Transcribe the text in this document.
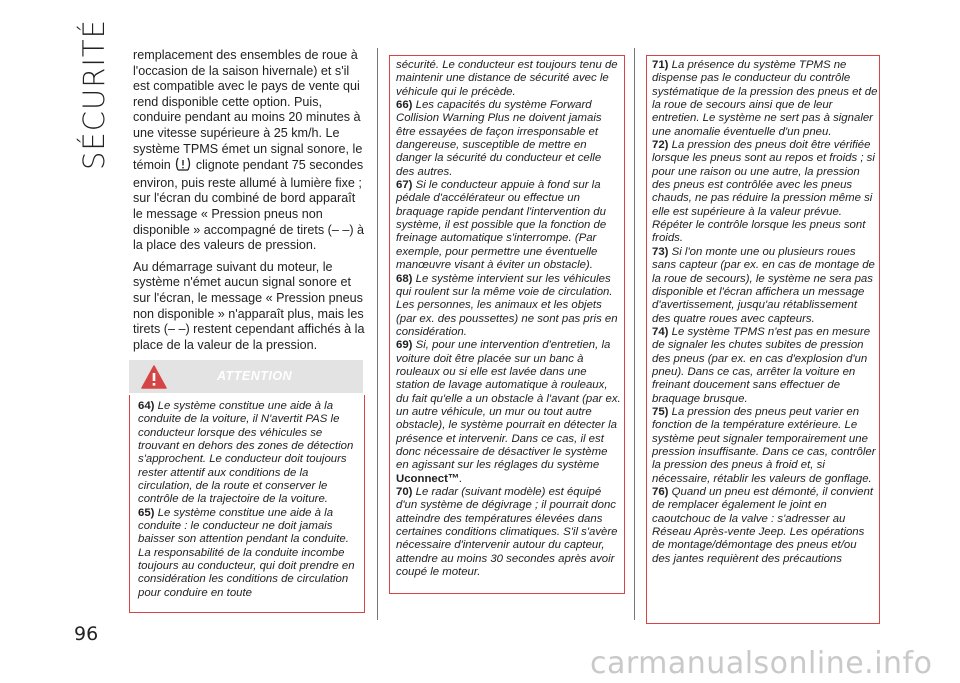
SÉCURITÉ
96

remplacement des ensembles de roue à l'occasion de la saison hivernale) et s'il est compatible avec le pays de vente qui rend disponible cette option. Puis, conduire pendant au moins 20 minutes à une vitesse supérieure à 25 km/h. Le système TPMS émet un signal sonore, le témoin clignote pendant 75 secondes environ, puis reste allumé à lumière fixe ; sur l'écran du combiné de bord apparaît le message « Pression pneus non disponible » accompagné de tirets (– –) à la place des valeurs de pression.

Au démarrage suivant du moteur, le système n'émet aucun signal sonore et sur l'écran, le message « Pression pneus non disponible » n'apparaît plus, mais les tirets (– –) restent cependant affichés à la place de la valeur de la pression.

ATTENTION

64) Le système constitue une aide à la conduite de la voiture, il N'avertit PAS le conducteur lorsque des véhicules se trouvant en dehors des zones de détection s'approchent. Le conducteur doit toujours rester attentif aux conditions de la circulation, de la route et conserver le contrôle de la trajectoire de la voiture.

65) Le système constitue une aide à la conduite : le conducteur ne doit jamais baisser son attention pendant la conduite. La responsabilité de la conduite incombe toujours au conducteur, qui doit prendre en considération les conditions de circulation pour conduire en toute

sécurité. Le conducteur est toujours tenu de maintenir une distance de sécurité avec le véhicule qui le précède.

66) Les capacités du système Forward Collision Warning Plus ne doivent jamais être essayées de façon irresponsable et dangereuse, susceptible de mettre en danger la sécurité du conducteur et celle des autres.

67) Si le conducteur appuie à fond sur la pédale d'accélérateur ou effectue un braquage rapide pendant l'intervention du système, il est possible que la fonction de freinage automatique s'interrompe. (Par exemple, pour permettre une éventuelle manœuvre visant à éviter un obstacle).

68) Le système intervient sur les véhicules qui roulent sur la même voie de circulation. Les personnes, les animaux et les objets (par ex. des poussettes) ne sont pas pris en considération.

69) Si, pour une intervention d'entretien, la voiture doit être placée sur un banc à rouleaux ou si elle est lavée dans une station de lavage automatique à rouleaux, du fait qu'elle a un obstacle à l'avant (par ex. un autre véhicule, un mur ou tout autre obstacle), le système pourrait en détecter la présence et intervenir. Dans ce cas, il est donc nécessaire de désactiver le système en agissant sur les réglages du système Uconnect™.

70) Le radar (suivant modèle) est équipé d'un système de dégivrage ; il pourrait donc atteindre des températures élevées dans certaines conditions climatiques. S'il s'avère nécessaire d'intervenir autour du capteur, attendre au moins 30 secondes après avoir coupé le moteur.

71) La présence du système TPMS ne dispense pas le conducteur du contrôle systématique de la pression des pneus et de la roue de secours ainsi que de leur entretien. Le système ne sert pas à signaler une anomalie éventuelle d'un pneu.

72) La pression des pneus doit être vérifiée lorsque les pneus sont au repos et froids ; si pour une raison ou une autre, la pression des pneus est contrôlée avec les pneus chauds, ne pas réduire la pression même si elle est supérieure à la valeur prévue. Répéter le contrôle lorsque les pneus sont froids.

73) Si l'on monte une ou plusieurs roues sans capteur (par ex. en cas de montage de la roue de secours), le système ne sera pas disponible et l'écran affichera un message d'avertissement, jusqu'au rétablissement des quatre roues avec capteurs.

74) Le système TPMS n'est pas en mesure de signaler les chutes subites de pression des pneus (par ex. en cas d'explosion d'un pneu). Dans ce cas, arrêter la voiture en freinant doucement sans effectuer de braquage brusque.

75) La pression des pneus peut varier en fonction de la température extérieure. Le système peut signaler temporairement une pression insuffisante. Dans ce cas, contrôler la pression des pneus à froid et, si nécessaire, rétablir les valeurs de gonflage.

76) Quand un pneu est démonté, il convient de remplacer également le joint en caoutchouc de la valve : s'adresser au Réseau Après-vente Jeep. Les opérations de montage/démontage des pneus et/ou des jantes requièrent des précautions

carmanualsonline.info
